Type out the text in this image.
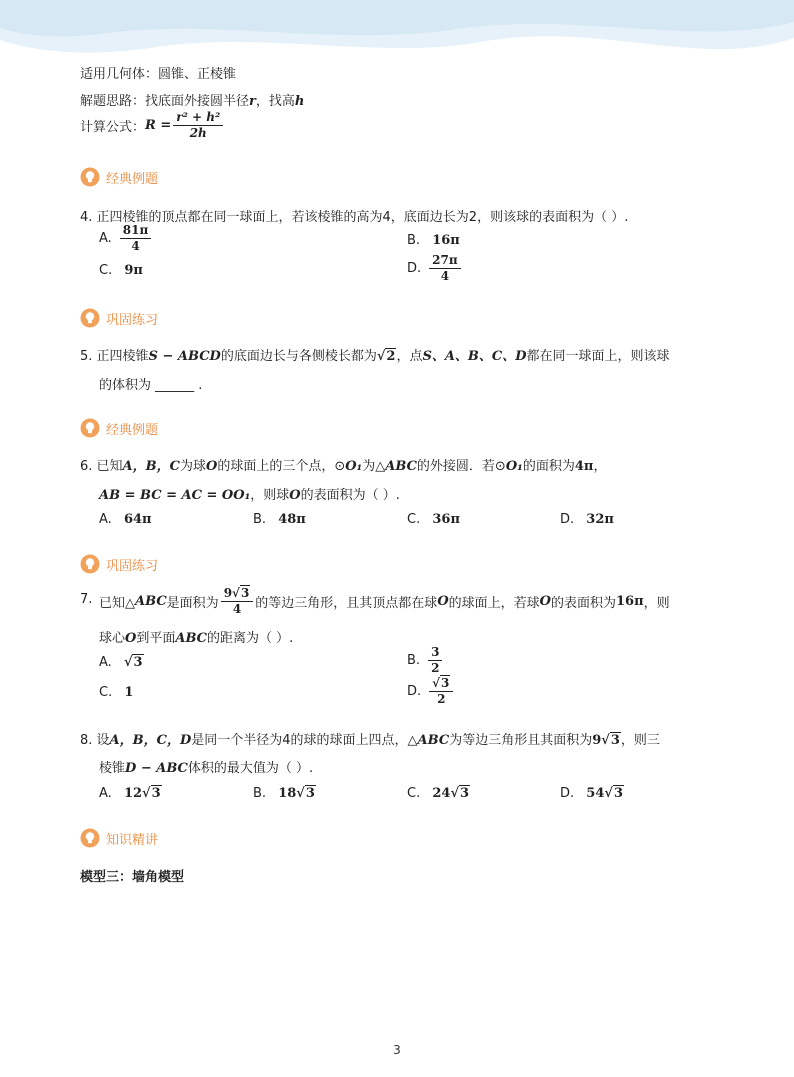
适用几何体：圆锥、正棱锥
解题思路：找底面外接圆半径r，找高h
计算公式： $R = \frac{\text{r² + h²}}{2h}$
经典例题
4. 正四棱锥的顶点都在同一球面上，若该棱锥的高为4，底面边长为2，则该球的表面积为（ ）.
A. $\frac{81\pi}{4}$	B. 16π
C. 9π	D. $\frac{27\pi}{4}$
巩固练习
5. 正四棱锥S − ABCD的底面边长与各侧棱长都为√2，点S、A、B、C、D都在同一球面上，则该球
的体积为 ______ .
经典例题
6. 已知A，B，C为球O的球面上的三个点，⊙O₁为△ABC的外接圆．若⊙O₁的面积为4π，
AB = BC = AC = OO₁，则球O的表面积为（ ）.
A. 64π	B. 48π	C. 36π	D. 32π
巩固练习
7. 已知△ ABC 是面积为 $\frac{9√3}{4}$ 的等边三角形，且其顶点都在球 O 的球面上，若球 O 的表面积为 16π ，则
球心O到平面ABC的距离为（ ）.
A. √3	B. $\frac{3}{2}$
C. 1	D. $\frac{√3}{2}$
8. 设A，B，C，D是同一个半径为4的球的球面上四点，△ABC为等边三角形且其面积为9√3，则三
棱锥D − ABC体积的最大值为（ ）.
A. 12√3	B. 18√3	C. 24√3	D. 54√3
知识精讲
模型三：墙角模型
3
